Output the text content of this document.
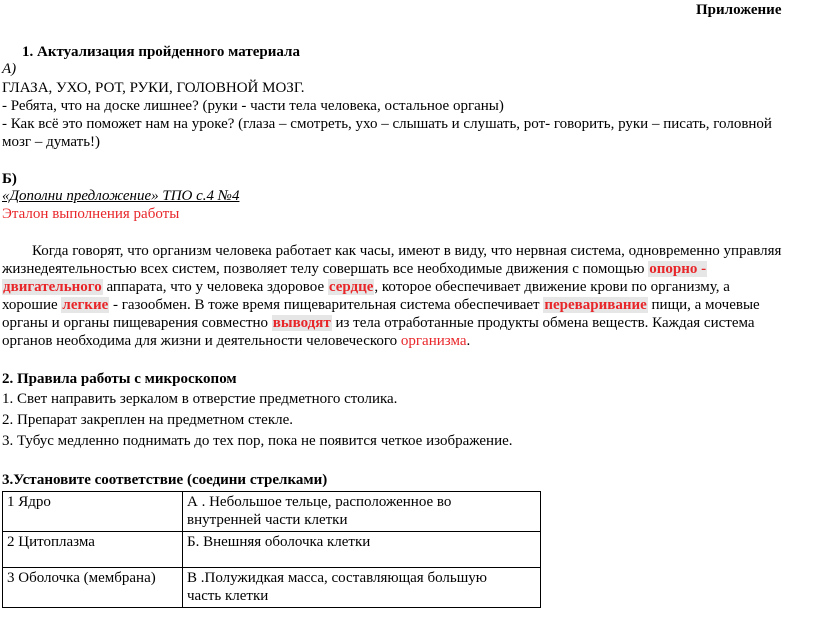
Приложение
1. Актуализация пройденного материала
А)
ГЛАЗА, УХО, РОТ, РУКИ, ГОЛОВНОЙ МОЗГ.
- Ребята, что на доске лишнее? (руки - части тела человека, остальное органы)
- Как всё это поможет нам на уроке? (глаза – смотреть, ухо – слышать и слушать, рот- говорить, руки – писать, головной
мозг – думать!)
Б)
«Дополни предложение» ТПО с.4 №4
Эталон выполнения работы
Когда говорят, что организм человека работает как часы, имеют в виду, что нервная система, одновременно управляя
жизнедеятельностью всех систем, позволяет телу совершать все необходимые движения с помощью опорно -
двигательного аппарата, что у человека здоровое сердце, которое обеспечивает движение крови по организму, а
хорошие легкие - газообмен. В тоже время пищеварительная система обеспечивает переваривание пищи, а мочевые
органы и органы пищеварения совместно выводят из тела отработанные продукты обмена веществ. Каждая система
органов необходима для жизни и деятельности человеческого организма.
2. Правила работы с микроскопом
1. Свет направить зеркалом в отверстие предметного столика.
2. Препарат закреплен на предметном стекле.
3. Тубус медленно поднимать до тех пор, пока не появится четкое изображение.
3.Установите соответствие (соедини стрелками)
1 Ядро	А . Небольшое тельце, расположенное во
внутренней части клетки

2 Цитоплазма	Б. Внешняя оболочка клетки

3 Оболочка (мембрана)	В .Полужидкая масса, составляющая большую
часть клетки
